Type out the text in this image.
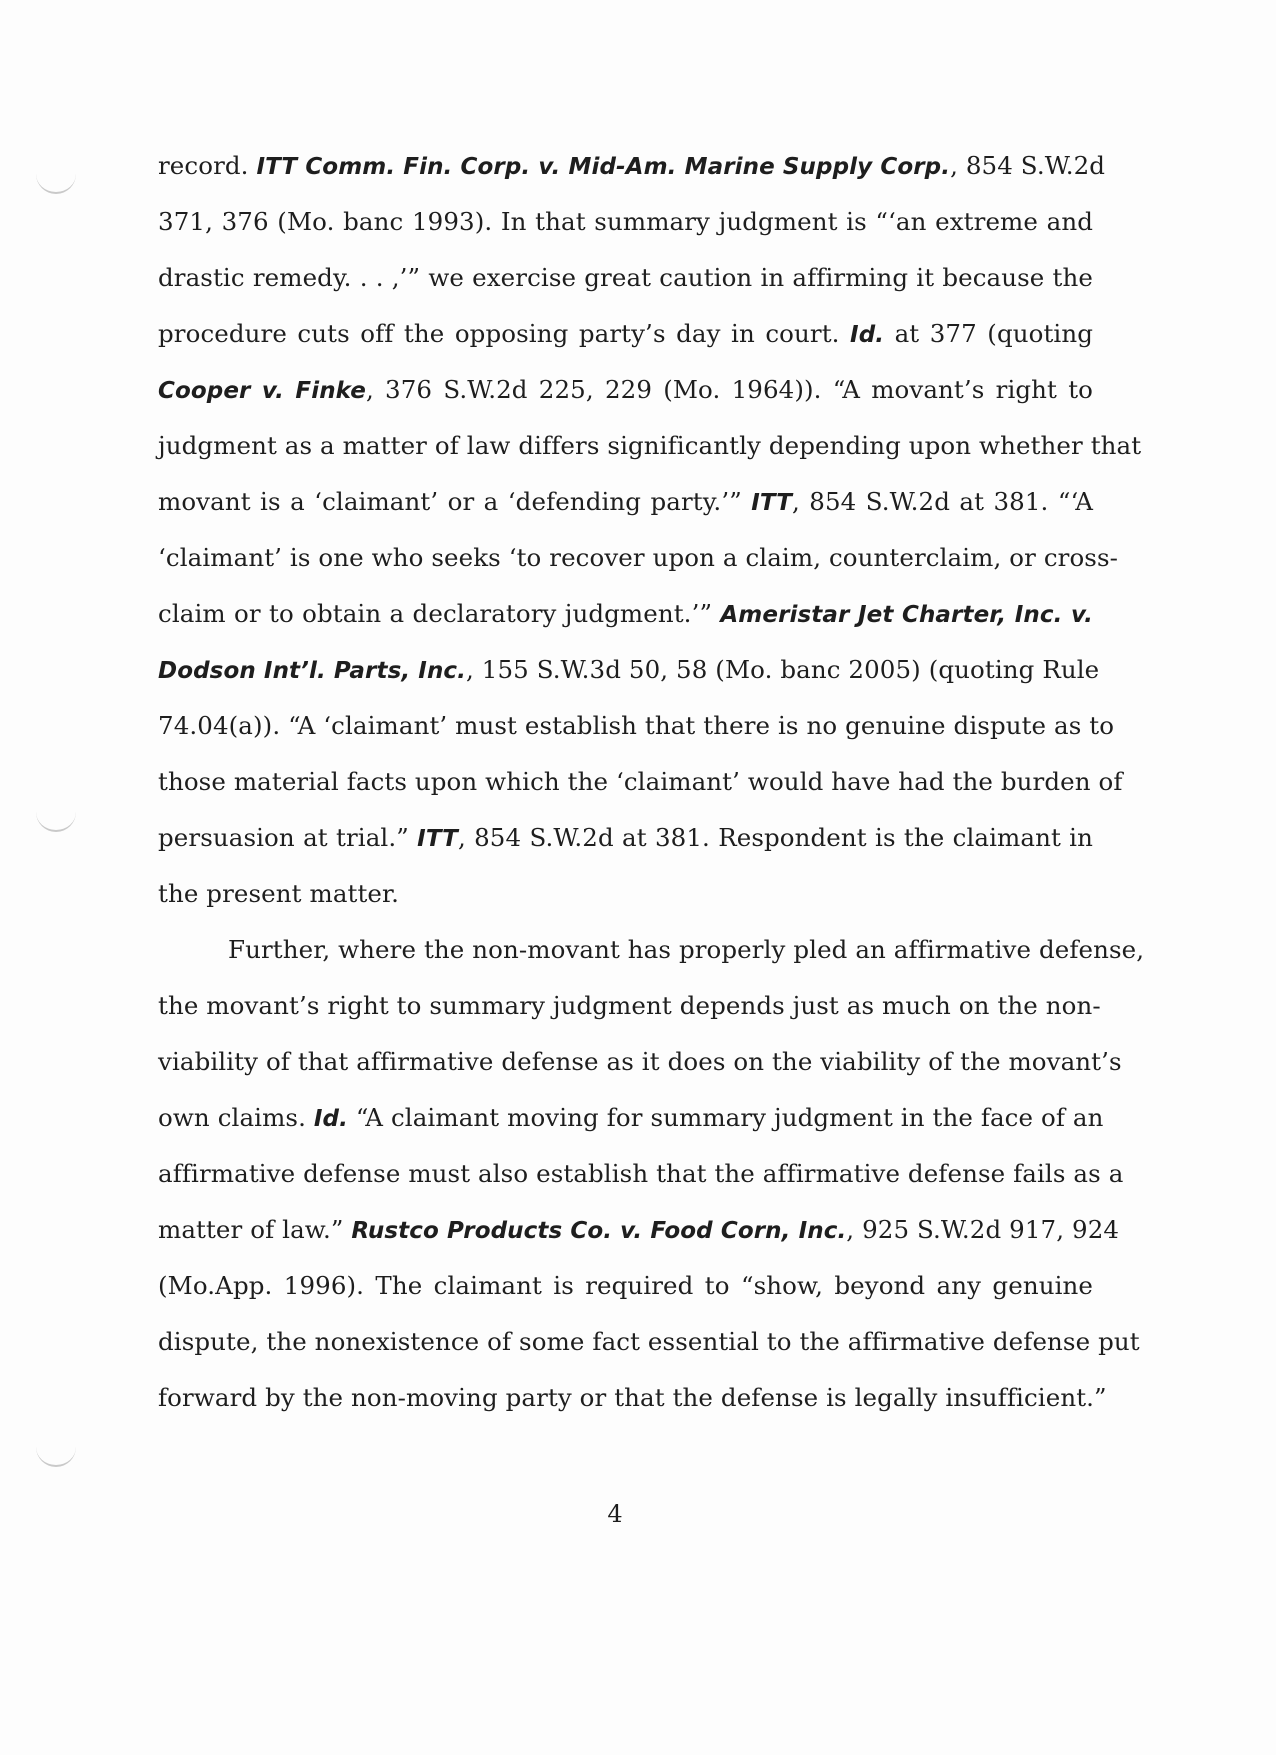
record. ITT Comm. Fin. Corp. v. Mid-Am. Marine Supply Corp., 854 S.W.2d
371, 376 (Mo. banc 1993). In that summary judgment is “‘an extreme and
drastic remedy. . . ,’” we exercise great caution in affirming it because the
procedure cuts off the opposing party’s day in court. Id. at 377 (quoting
Cooper v. Finke, 376 S.W.2d 225, 229 (Mo. 1964)). “A movant’s right to
judgment as a matter of law differs significantly depending upon whether that
movant is a ‘claimant’ or a ‘defending party.’” ITT, 854 S.W.2d at 381. “‘A
‘claimant’ is one who seeks ‘to recover upon a claim, counterclaim, or cross-
claim or to obtain a declaratory judgment.’” Ameristar Jet Charter, Inc. v.
Dodson Int’l. Parts, Inc., 155 S.W.3d 50, 58 (Mo. banc 2005) (quoting Rule
74.04(a)). “A ‘claimant’ must establish that there is no genuine dispute as to
those material facts upon which the ‘claimant’ would have had the burden of
persuasion at trial.” ITT, 854 S.W.2d at 381. Respondent is the claimant in
the present matter.
Further, where the non-movant has properly pled an affirmative defense,
the movant’s right to summary judgment depends just as much on the non-
viability of that affirmative defense as it does on the viability of the movant’s
own claims. Id. “A claimant moving for summary judgment in the face of an
affirmative defense must also establish that the affirmative defense fails as a
matter of law.” Rustco Products Co. v. Food Corn, Inc., 925 S.W.2d 917, 924
(Mo.App. 1996). The claimant is required to “show, beyond any genuine
dispute, the nonexistence of some fact essential to the affirmative defense put
forward by the non-moving party or that the defense is legally insufficient.”
4
